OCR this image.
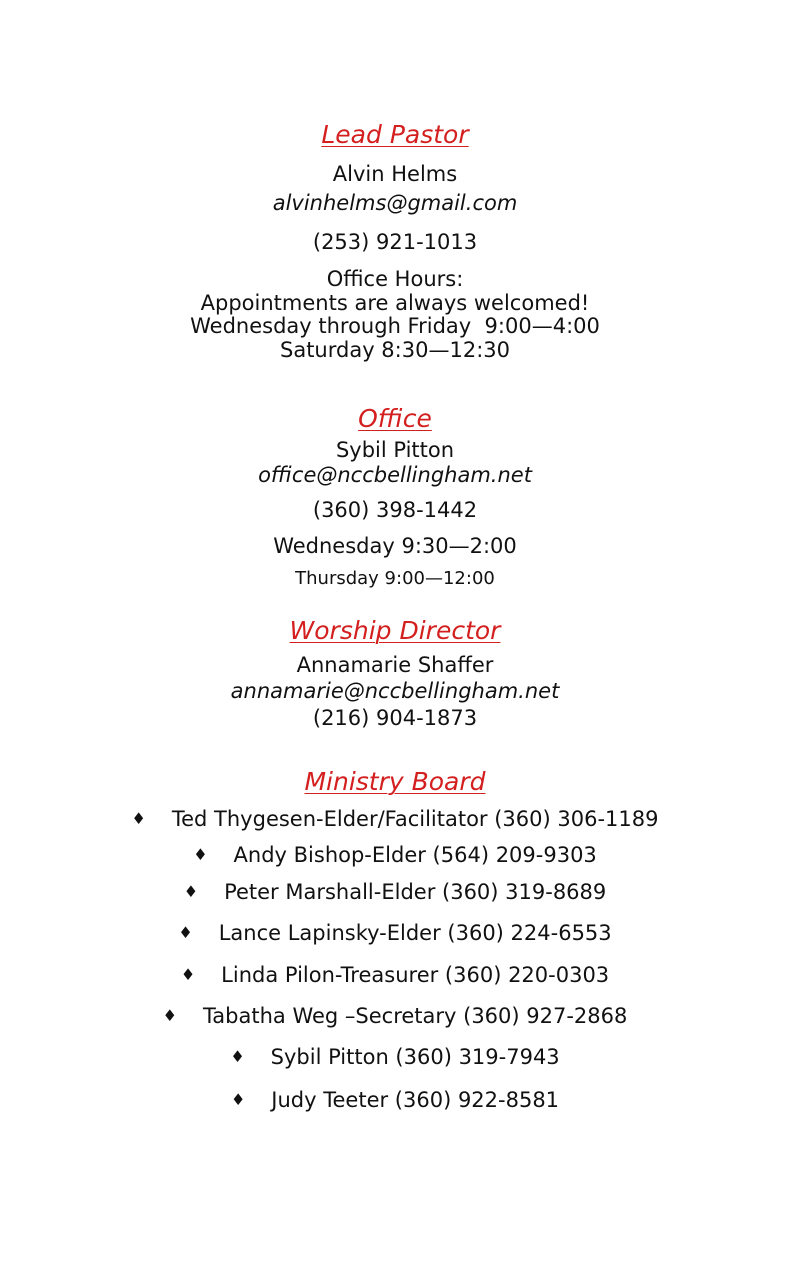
Lead Pastor
Alvin Helms
alvinhelms@gmail.com
(253) 921-1013
Office Hours:
Appointments are always welcomed!
Wednesday through Friday  9:00—4:00
Saturday 8:30—12:30
Office
Sybil Pitton
office@nccbellingham.net
(360) 398-1442
Wednesday 9:30—2:00
Thursday 9:00—12:00
Worship Director
Annamarie Shaffer
annamarie@nccbellingham.net
(216) 904-1873
Ministry Board
♦ Ted Thygesen-Elder/Facilitator (360) 306-1189
♦ Andy Bishop-Elder (564) 209-9303
♦ Peter Marshall-Elder (360) 319-8689
♦ Lance Lapinsky-Elder (360) 224-6553
♦ Linda Pilon-Treasurer (360) 220-0303
♦ Tabatha Weg –Secretary (360) 927-2868
♦ Sybil Pitton (360) 319-7943
♦ Judy Teeter (360) 922-8581
